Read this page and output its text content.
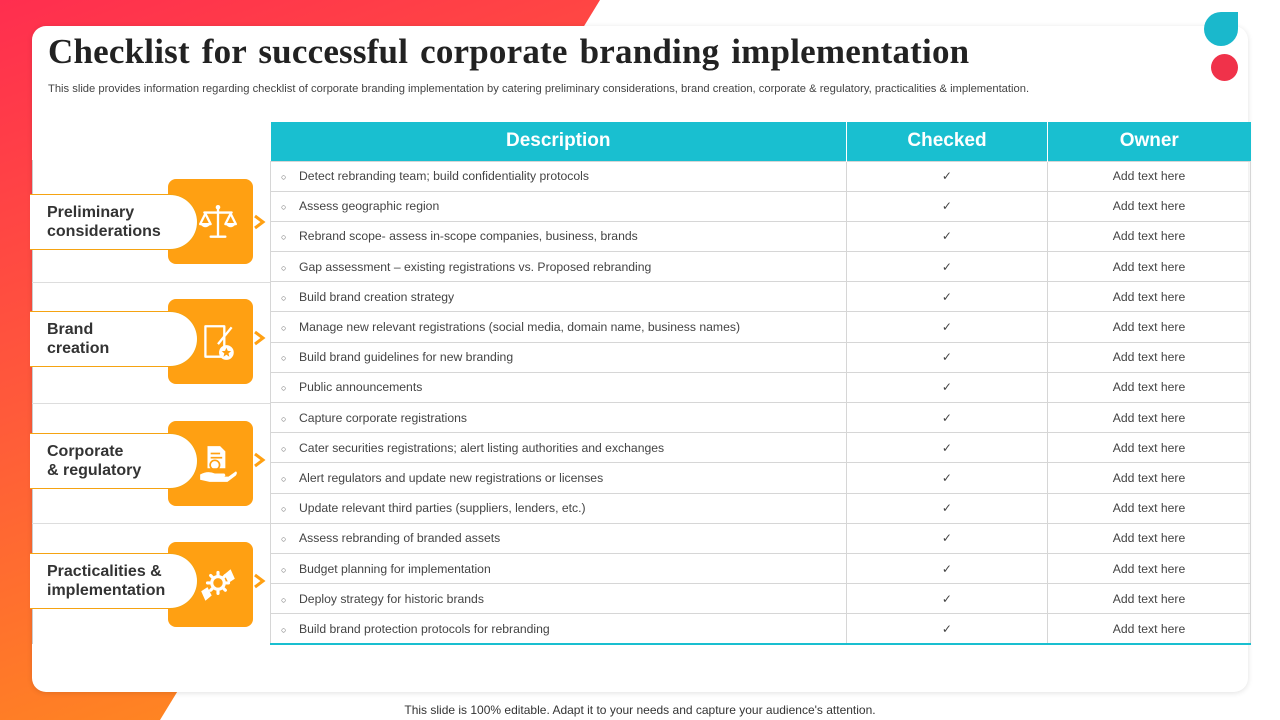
Checklist for successful corporate branding implementation

This slide provides information regarding checklist of corporate branding implementation by catering preliminary considerations, brand creation, corporate & regulatory, practicalities & implementation.

Preliminary
considerations
Brand
creation
Corporate
& regulatory
Practicalities &
implementation
Description	Checked	Owner
○ Detect rebranding team; build confidentiality protocols	✓	Add text here
○ Assess geographic region	✓	Add text here
○ Rebrand scope- assess in-scope companies, business, brands	✓	Add text here
○ Gap assessment – existing registrations vs. Proposed rebranding	✓	Add text here
○ Build brand creation strategy	✓	Add text here
○ Manage new relevant registrations (social media, domain name, business names)	✓	Add text here
○ Build brand guidelines for new branding	✓	Add text here
○ Public announcements	✓	Add text here
○ Capture corporate registrations	✓	Add text here
○ Cater securities registrations; alert listing authorities and exchanges	✓	Add text here
○ Alert regulators and update new registrations or licenses	✓	Add text here
○ Update relevant third parties (suppliers, lenders, etc.)	✓	Add text here
○ Assess rebranding of branded assets	✓	Add text here
○ Budget planning for implementation	✓	Add text here
○ Deploy strategy for historic brands	✓	Add text here
○ Build brand protection protocols for rebranding	✓	Add text here
This slide is 100% editable. Adapt it to your needs and capture your audience's attention.
